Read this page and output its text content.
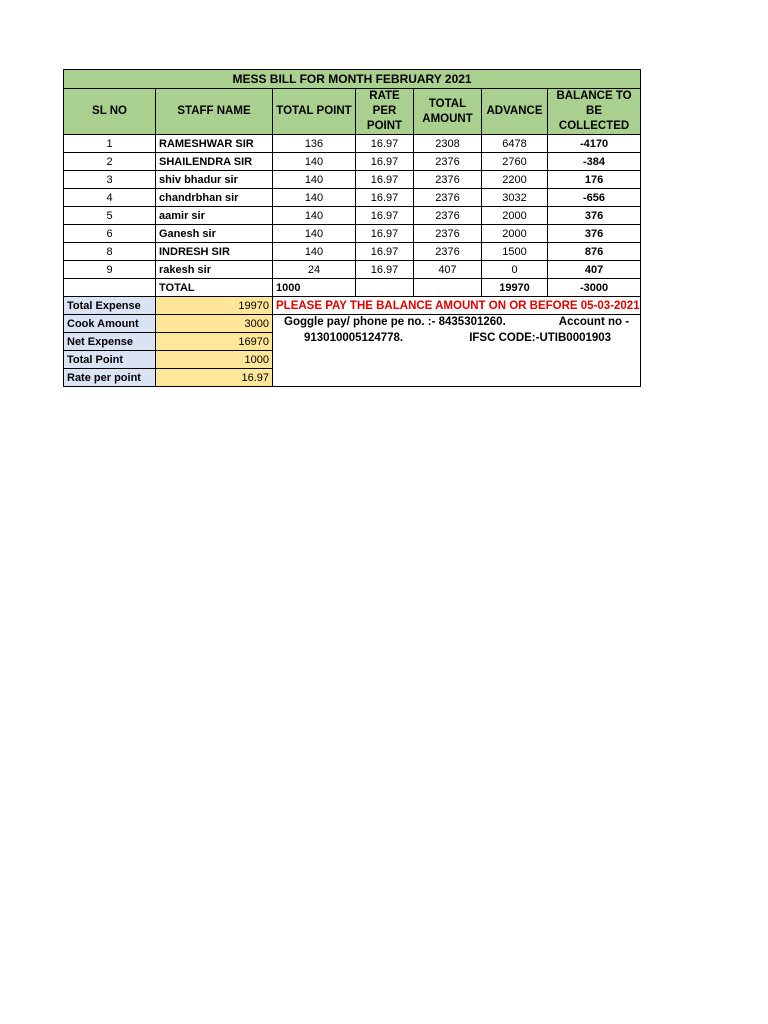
MESS BILL FOR MONTH FEBRUARY 2021						
SL NO	STAFF NAME	TOTAL POINT	RATE PER POINT	TOTAL AMOUNT	ADVANCE	BALANCE TO BE COLLECTED
1	RAMESHWAR SIR	136	16.97	2308	6478	-4170
2	SHAILENDRA SIR	140	16.97	2376	2760	-384
3	shiv bhadur sir	140	16.97	2376	2200	176
4	chandrbhan sir	140	16.97	2376	3032	-656
5	aamir sir	140	16.97	2376	2000	376
6	Ganesh sir	140	16.97	2376	2000	376
8	INDRESH SIR	140	16.97	2376	1500	876
9	rakesh sir	24	16.97	407	0	407
	TOTAL	1000			19970	-3000
Total Expense	19970	PLEASE PAY THE BALANCE AMOUNT ON OR BEFORE 05-03-2021				
Cook Amount	3000	Goggle pay/ phone pe no. :- 8435301260. Account no -
913010005124778. IFSC CODE:-UTIB0001903				

Net Expense	16970					
Total Point	1000					
Rate per point	16.97					
